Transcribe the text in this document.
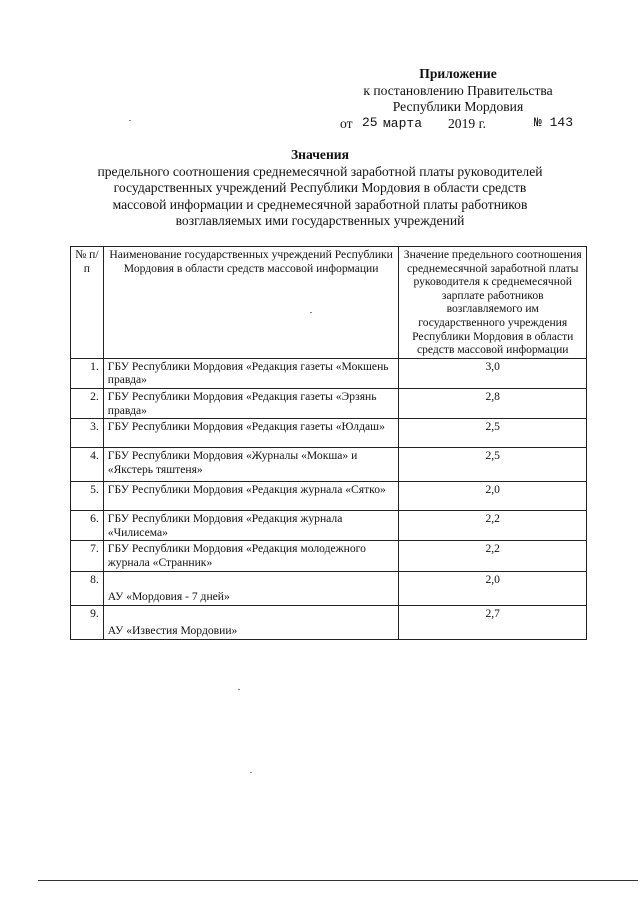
Приложение
к постановлению Правительства
Республики Мордовия
от 25 марта 2019 г.	№ 143
Значения
предельного соотношения среднемесячной заработной платы руководителей
государственных учреждений Республики Мордовия в области средств
массовой информации и среднемесячной заработной платы работников
возглавляемых ими государственных учреждений
№ п/п	Наименование государственных учреждений Республики Мордовия в области средств массовой информации	Значение предельного соотношения среднемесячной заработной платы руководителя к среднемесячной зарплате работников возглавляемого им государственного учреждения Республики Мордовия в области средств массовой информации
1.	ГБУ Республики Мордовия «Редакция газеты «Мокшень правда»	3,0
2.	ГБУ Республики Мордовия «Редакция газеты «Эрзянь правда»	2,8
3.	ГБУ Республики Мордовия «Редакция газеты «Юлдаш»	2,5
4.	ГБУ Республики Мордовия «Журналы «Мокша» и «Якстерь тяштеня»	2,5
5.	ГБУ Республики Мордовия «Редакция журнала «Сятко»	2,0
6.	ГБУ Республики Мордовия «Редакция журнала «Чилисема»	2,2
7.	ГБУ Республики Мордовия «Редакция молодежного журнала «Странник»	2,2
8.	АУ «Мордовия - 7 дней»	2,0
9.	АУ «Известия Мордовии»	2,7
